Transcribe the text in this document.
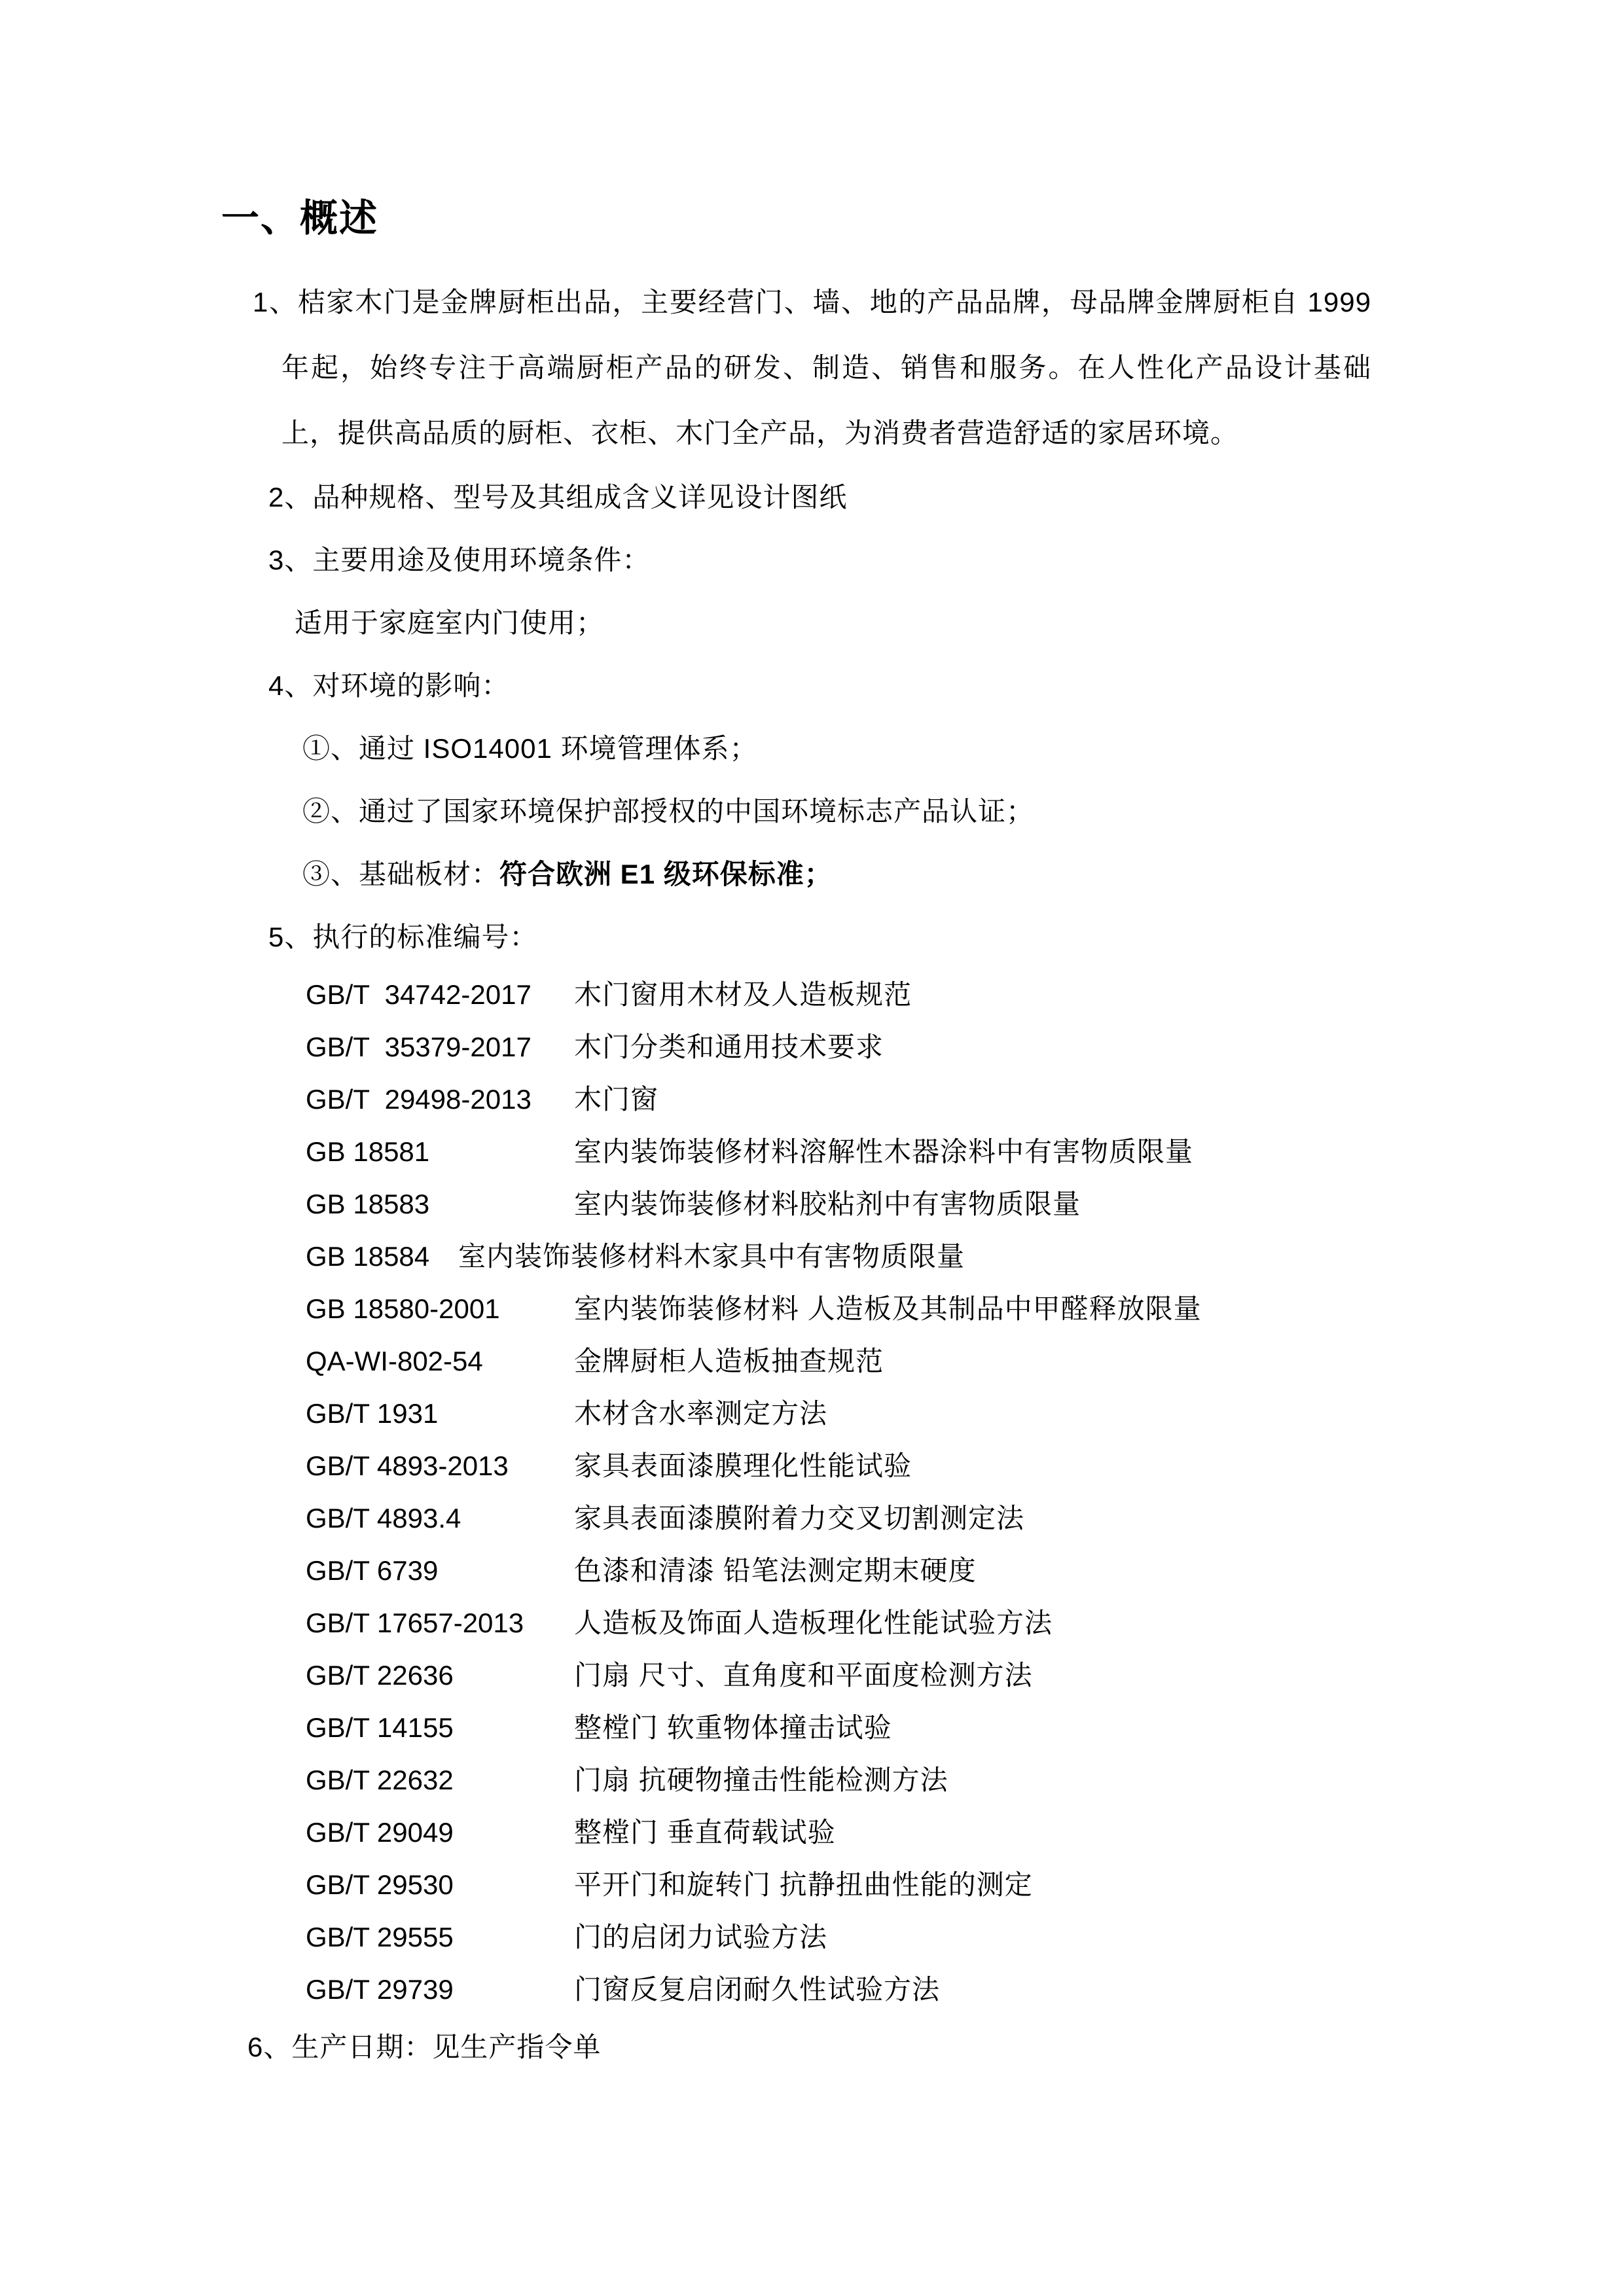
一、概述

1、桔家木门是金牌厨柜出品，主要经营门、墙、地的产品品牌，母品牌金牌厨柜自 1999 年起，始终专注于高端厨柜产品的研发、制造、销售和服务。在人性化产品设计基础上，提供高品质的厨柜、衣柜、木门全产品，为消费者营造舒适的家居环境。

2、品种规格、型号及其组成含义详见设计图纸
3、主要用途及使用环境条件：
适用于家庭室内门使用；
4、对环境的影响：
①、通过 ISO14001 环境管理体系；
②、通过了国家环境保护部授权的中国环境标志产品认证；
③、基础板材：符合欧洲 E1 级环保标准；
5、执行的标准编号：
GB/T  34742-2017 木门窗用木材及人造板规范
GB/T  35379-2017 木门分类和通用技术要求
GB/T  29498-2013 木门窗
GB 18581	室内装饰装修材料溶解性木器涂料中有害物质限量
GB 18583	室内装饰装修材料胶粘剂中有害物质限量
GB 18584 室内装饰装修材料木家具中有害物质限量
GB 18580-2001	室内装饰装修材料 人造板及其制品中甲醛释放限量
QA-WI-802-54	金牌厨柜人造板抽查规范
GB/T 1931	木材含水率测定方法
GB/T 4893-2013 家具表面漆膜理化性能试验
GB/T 4893.4	家具表面漆膜附着力交叉切割测定法
GB/T 6739	色漆和清漆 铅笔法测定期末硬度
GB/T 17657-2013 人造板及饰面人造板理化性能试验方法
GB/T 22636	门扇 尺寸、直角度和平面度检测方法
GB/T 14155	整樘门 软重物体撞击试验
GB/T 22632	门扇 抗硬物撞击性能检测方法
GB/T 29049	整樘门 垂直荷载试验
GB/T 29530	平开门和旋转门 抗静扭曲性能的测定
GB/T 29555	门的启闭力试验方法
GB/T 29739	门窗反复启闭耐久性试验方法
6、生产日期：见生产指令单
